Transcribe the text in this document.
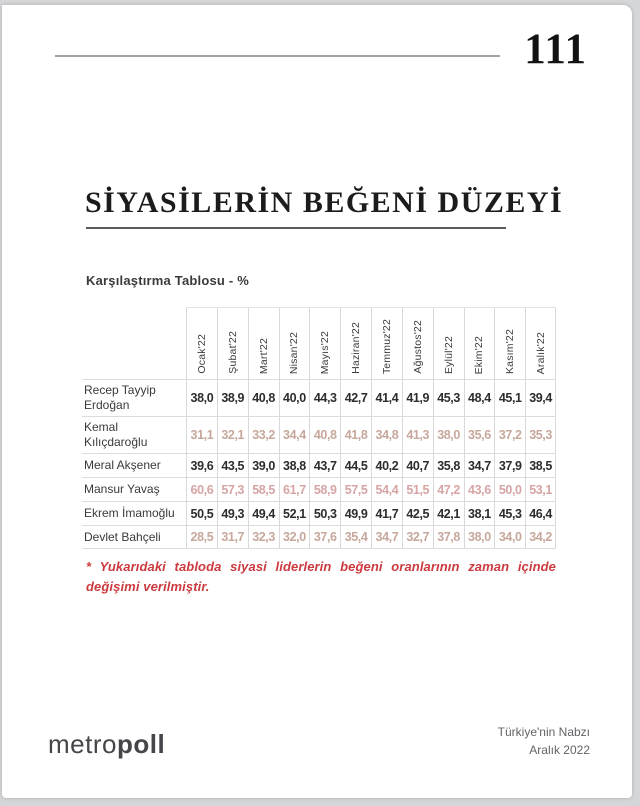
111
SİYASİLERİN BEĞENİ DÜZEYİ
Karşılaştırma Tablosu - %
Ocak'22 Şubat'22 Mart'22 Nisan'22 Mayıs'22 Haziran'22 Temmuz'22 Ağustos'22 Eylül'22 Ekim'22 Kasım'22 Aralık'22
Recep Tayyip Erdoğan	38,0 38,9 40,8 40,0 44,3 42,7 41,4 41,9 45,3 48,4 45,1 39,4
Kemal Kılıçdaroğlu	31,1 32,1 33,2 34,4 40,8 41,8 34,8 41,3 38,0 35,6 37,2 35,3
Meral Akşener	39,6 43,5 39,0 38,8 43,7 44,5 40,2 40,7 35,8 34,7 37,9 38,5
Mansur Yavaş	60,6 57,3 58,5 61,7 58,9 57,5 54,4 51,5 47,2 43,6 50,0 53,1
Ekrem İmamoğlu	50,5 49,3 49,4 52,1 50,3 49,9 41,7 42,5 42,1 38,1 45,3 46,4
Devlet Bahçeli	28,5 31,7 32,3 32,0 37,6 35,4 34,7 32,7 37,8 38,0 34,0 34,2

* Yukarıdaki tabloda siyasi liderlerin beğeni oranlarının zaman içinde değişimi verilmiştir.

metropoll	Türkiye'nin Nabzı
Aralık 2022
